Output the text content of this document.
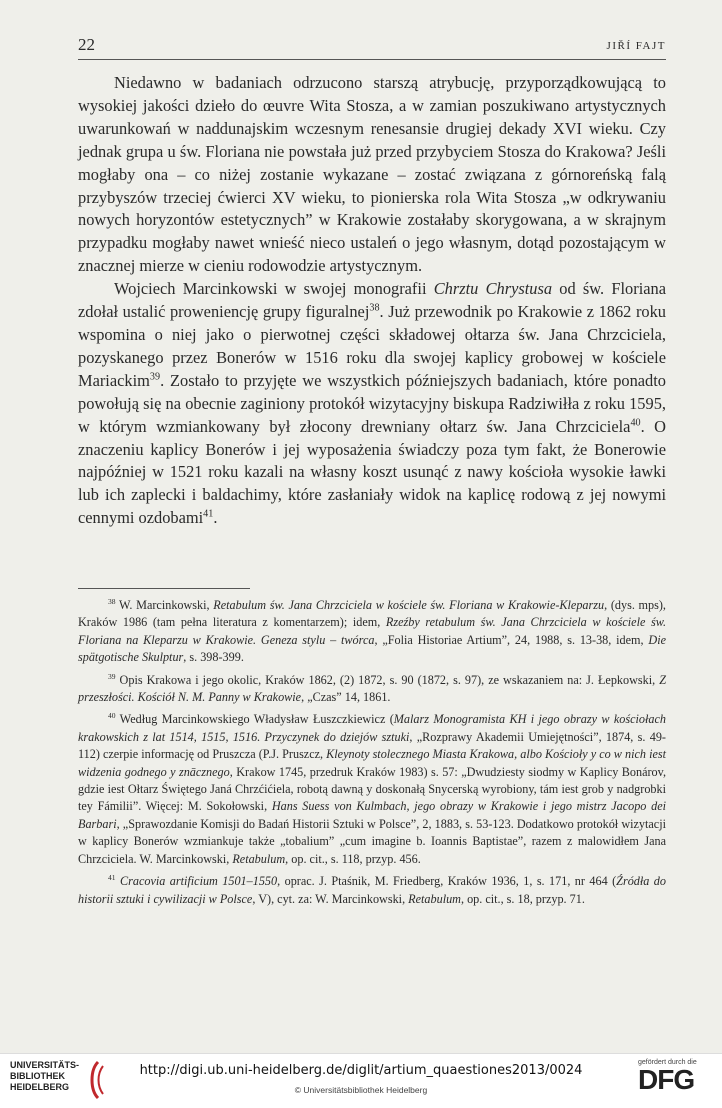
22	JIŘÍ FAJT

Niedawno w badaniach odrzucono starszą atrybucję, przyporządkowującą to wysokiej jakości dzieło do œuvre Wita Stosza, a w zamian poszukiwano artystycznych uwarunkowań w naddunajskim wczesnym renesansie drugiej dekady XVI wieku. Czy jednak grupa u św. Floriana nie powstała już przed przybyciem Stosza do Krakowa? Jeśli mogłaby ona – co niżej zostanie wykazane – zostać związana z górnoreńską falą przybyszów trzeciej ćwierci XV wieku, to pionierska rola Wita Stosza „w odkrywaniu nowych horyzontów estetycznych” w Krakowie zostałaby skorygowana, a w skrajnym przypadku mogłaby nawet wnieść nieco ustaleń o jego własnym, dotąd pozostającym w znacznej mierze w cieniu rodowodzie artystycznym.

Wojciech Marcinkowski w swojej monografii Chrztu Chrystusa od św. Floriana zdołał ustalić proweniencję grupy figuralnej$^{38}$. Już przewodnik po Krakowie z 1862 roku wspomina o niej jako o pierwotnej części składowej ołtarza św. Jana Chrzciciela, pozyskanego przez Bonerów w 1516 roku dla swojej kaplicy grobowej w kościele Mariackim$^{39}$. Zostało to przyjęte we wszystkich późniejszych badaniach, które ponadto powołują się na obecnie zaginiony protokół wizytacyjny biskupa Radziwiłła z roku 1595, w którym wzmiankowany był złocony drewniany ołtarz św. Jana Chrzciciela$^{40}$. O znaczeniu kaplicy Bonerów i jej wyposażenia świadczy poza tym fakt, że Bonerowie najpóźniej w 1521 roku kazali na własny koszt usunąć z nawy kościoła wysokie ławki lub ich zaplecki i baldachimy, które zasłaniały widok na kaplicę rodową z jej nowymi cennymi ozdobami$^{41}$.

$^{38}$ W. Marcinkowski, Retabulum św. Jana Chrzciciela w kościele św. Floriana w Krakowie-Kleparzu, (dys. mps), Kraków 1986 (tam pełna literatura z komentarzem); idem, Rzeźby retabulum św. Jana Chrzciciela w kościele św. Floriana na Kleparzu w Krakowie. Geneza stylu – twórca, „Folia Historiae Artium”, 24, 1988, s. 13-38, idem, Die spätgotische Skulptur, s. 398-399.

$^{39}$ Opis Krakowa i jego okolic, Kraków 1862, (2) 1872, s. 90 (1872, s. 97), ze wskazaniem na: J. Łepkowski, Z przeszłości. Kościół N. M. Panny w Krakowie, „Czas” 14, 1861.

$^{40}$ Według Marcinkowskiego Władysław Łuszczkiewicz (Malarz Monogramista KH i jego obrazy w kościołach krakowskich z lat 1514, 1515, 1516. Przyczynek do dziejów sztuki, „Rozprawy Akademii Umiejętności”, 1874, s. 49-112) czerpie informację od Pruszcza (P.J. Pruszcz, Kleynoty stolecznego Miasta Krakowa, albo Kościoły y co w nich iest widzenia godnego y znācznego, Krakow 1745, przedruk Kraków 1983) s. 57: „Dwudziesty siodmy w Kaplicy Bonárov, gdzie iest Ołtarz Świętego Janá Chrzćićiela, robotą dawną y doskonałą Snycerską wyrobiony, tám iest grob y nadgrobki tey Fámilii”. Więcej: M. Sokołowski, Hans Suess von Kulmbach, jego obrazy w Krakowie i jego mistrz Jacopo dei Barbari, „Sprawozdanie Komisji do Badań Historii Sztuki w Polsce”, 2, 1883, s. 53-123. Dodatkowo protokół wizytacji w kaplicy Bonerów wzmiankuje także „tobalium” „cum imagine b. Ioannis Baptistae”, razem z malowidłem Jana Chrzciciela. W. Marcinkowski, Retabulum, op. cit., s. 118, przyp. 456.

$^{41}$ Cracovia artificium 1501–1550, oprac. J. Ptaśnik, M. Friedberg, Kraków 1936, 1, s. 171, nr 464 (Źródła do historii sztuki i cywilizacji w Polsce, V), cyt. za: W. Marcinkowski, Retabulum, op. cit., s. 18, przyp. 71.

UNIVERSITÄTS-
BIBLIOTHEK
HEIDELBERG
http://digi.ub.uni-heidelberg.de/diglit/artium_quaestiones2013/0024
© Universitätsbibliothek Heidelberg
gefördert durch die
DFG
